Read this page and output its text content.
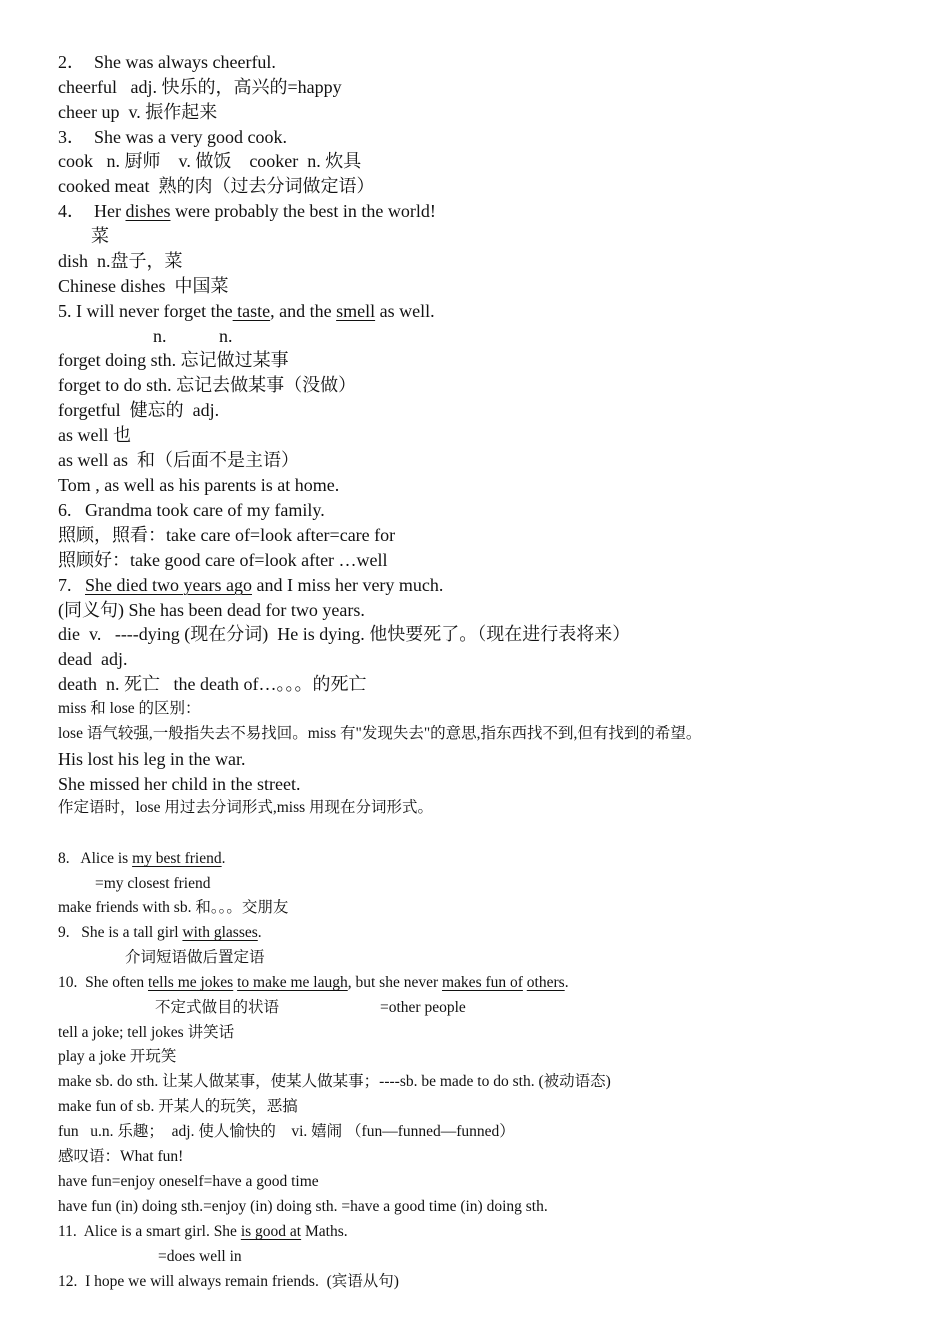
2．  She was always cheerful.
cheerful   adj. 快乐的，高兴的=happy
cheer up  v. 振作起来
3．  She was a very good cook.
cook   n. 厨师    v. 做饭    cooker  n. 炊具
cooked meat  熟的肉（过去分词做定语）
4．  Her dishes were probably the best in the world!
菜
dish  n.盘子，菜
Chinese dishes  中国菜
5. I will never forget the taste, and the smell as well.
n.	n.
forget doing sth. 忘记做过某事
forget to do sth. 忘记去做某事（没做）
forgetful  健忘的  adj.
as well 也
as well as  和（后面不是主语）
Tom , as well as his parents is at home.
6.   Grandma took care of my family.
照顾，照看：take care of=look after=care for
照顾好：take good care of=look after …well
7.   She died two years ago and I miss her very much.
(同义句) She has been dead for two years.
die  v.   ----dying (现在分词)  He is dying. 他快要死了。（现在进行表将来）
dead  adj.
death  n. 死亡   the death of…。。。的死亡
miss 和 lose 的区别：
lose 语气较强,一般指失去不易找回。miss 有"发现失去"的意思,指东西找不到,但有找到的希望。
His lost his leg in the war.
She missed her child in the street.
作定语时，lose 用过去分词形式,miss 用现在分词形式。
8.   Alice is my best friend.
=my closest friend
make friends with sb. 和。。。交朋友
9.   She is a tall girl with glasses.
介词短语做后置定语
10.  She often tells me jokes to make me laugh, but she never makes fun of others.
不定式做目的状语	=other people
tell a joke; tell jokes 讲笑话
play a joke 开玩笑
make sb. do sth. 让某人做某事，使某人做某事；----sb. be made to do sth. (被动语态)
make fun of sb. 开某人的玩笑，恶搞
fun   u.n. 乐趣；  adj. 使人愉快的    vi. 嬉闹 （fun—funned—funned）
感叹语：What fun!
have fun=enjoy oneself=have a good time
have fun (in) doing sth.=enjoy (in) doing sth. =have a good time (in) doing sth.
11.  Alice is a smart girl. She is good at Maths.
=does well in
12.  I hope we will always remain friends.  (宾语从句)
